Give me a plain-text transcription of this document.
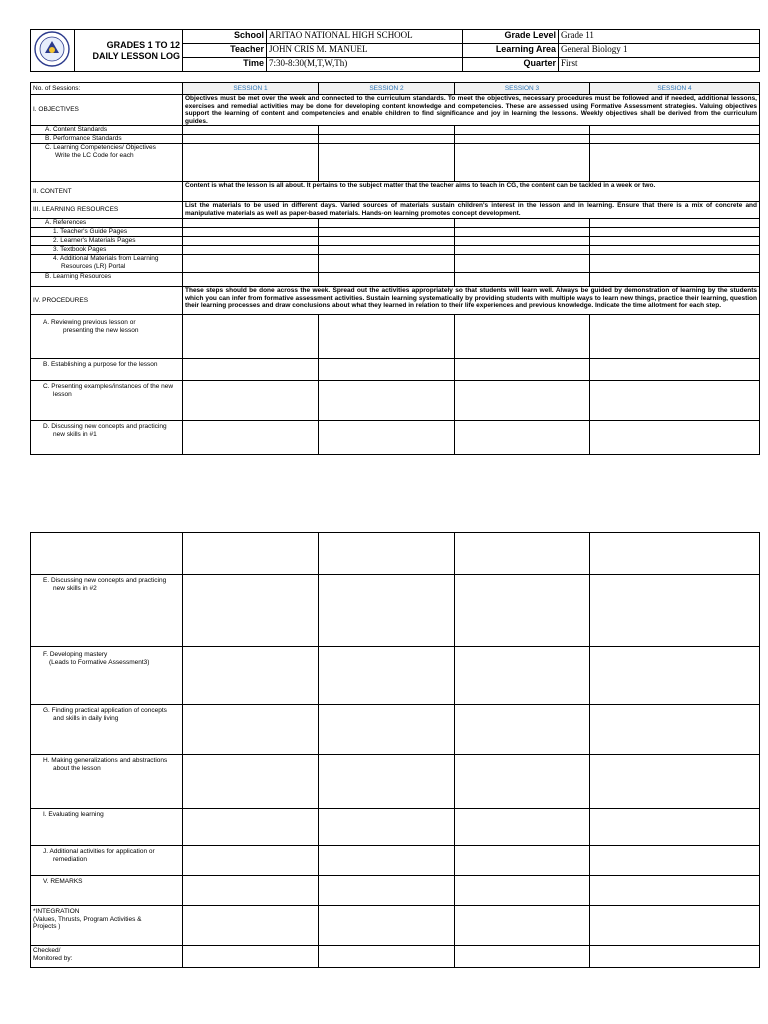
GRADES 1 TO 12
DAILY LESSON LOG	School	ARITAO NATIONAL HIGH SCHOOL	Grade Level	Grade 11
		Teacher	JOHN CRIS M. MANUEL	Learning Area	General Biology 1
		Time	7:30-8:30(M,T,W,Th)	Quarter	First
No. of Sessions:	SESSION 1	SESSION 2	SESSION 3	SESSION 4
I. OBJECTIVES	Objectives must be met over the week and connected to the curriculum standards. To meet the objectives, necessary procedures must be followed and if needed, additional lessons, exercises and remedial activities may be done for developing content knowledge and competencies. These are assessed using Formative Assessment strategies. Valuing objectives support the learning of content and competencies and enable children to find significance and joy in learning the lessons. Weekly objectives shall be derived from the curriculum guides.			
A. Content Standards				
B. Performance Standards				

C. Learning Competencies/ Objectives
Write the LC Code for each				

II. CONTENT	Content is what the lesson is all about. It pertains to the subject matter that the teacher aims to teach in CG, the content can be tackled in a week or two.			
III. LEARNING RESOURCES	List the materials to be used in different days. Varied sources of materials sustain children's interest in the lesson and in learning. Ensure that there is a mix of concrete and manipulative materials as well as paper-based materials. Hands-on learning promotes concept development.			
A. References				
1. Teacher's Guide Pages				
2. Learner's Materials Pages				
3. Textbook Pages				

4. Additional Materials from Learning
Resources (LR) Portal				

B. Learning Resources				
IV. PROCEDURES	These steps should be done across the week. Spread out the activities appropriately so that students will learn well. Always be guided by demonstration of learning by the students which you can infer from formative assessment activities. Sustain learning systematically by providing students with multiple ways to learn new things, practice their learning, question their learning processes and draw conclusions about what they learned in relation to their life experiences and previous knowledge. Indicate the time allotment for each step.			

A. Reviewing previous lesson or
presenting the new lesson				

B. Establishing a purpose for the lesson				

C. Presenting examples/instances of the new
lesson				

D. Discussing new concepts and practicing
new skills in #1				

E. Discussing new concepts and practicing
new skills in #2				

F. Developing mastery
(Leads to Formative Assessment3)				

G. Finding practical application of concepts
and skills in daily living				

H. Making generalizations and abstractions
about the lesson				

I. Evaluating learning				

J. Additional activities for application or
remediation				

V. REMARKS				

*INTEGRATION
(Values, Thrusts, Program Activities &
Projects )				

Checked/
Monitored by:				
